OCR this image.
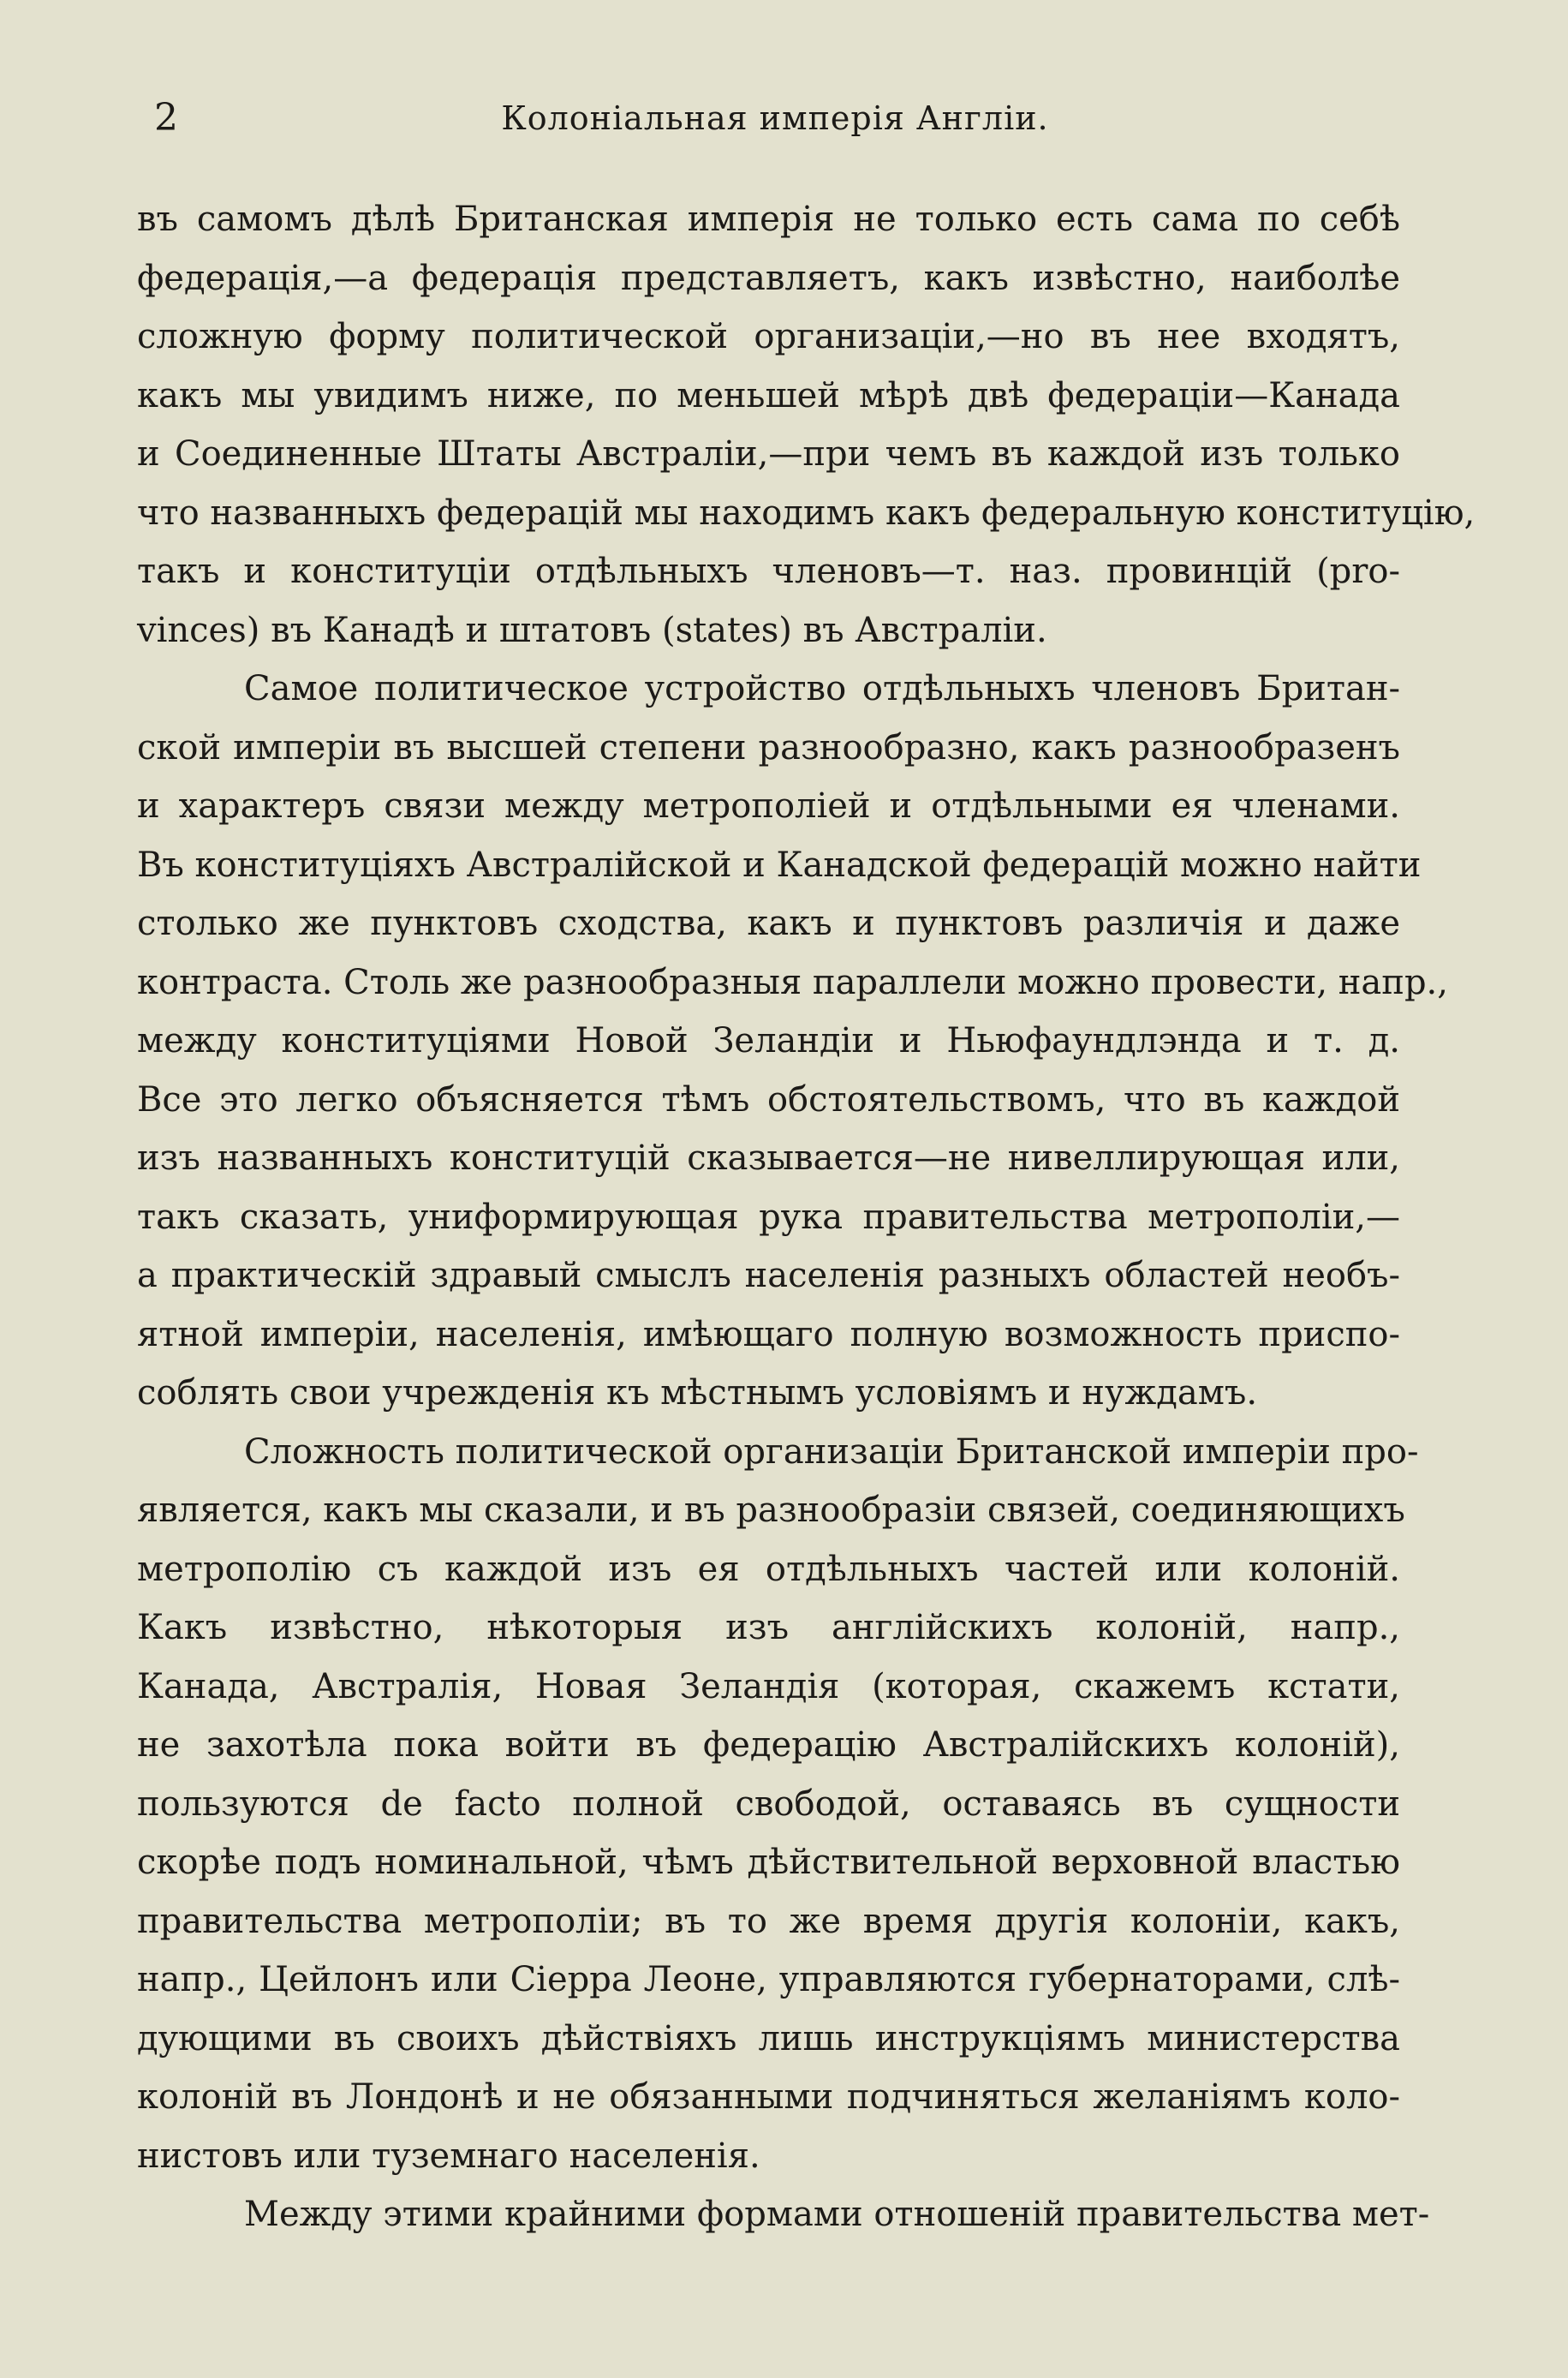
2	Колоніальная имперія Англіи.
въ самомъ дѣлѣ Британская имперія не только есть сама по себѣ
федерація,—а федерація представляетъ, какъ извѣстно, наиболѣе
сложную форму политической организаціи,—но въ нее входятъ,
какъ мы увидимъ ниже, по меньшей мѣрѣ двѣ федераціи—Канада
и Соединенные Штаты Австраліи,—при чемъ въ каждой изъ только
что названныхъ федерацій мы находимъ какъ федеральную конституцію,
такъ и конституціи отдѣльныхъ членовъ—т. наз. провинцій (pro-
vinces) въ Канадѣ и штатовъ (states) въ Австраліи.
Самое политическое устройство отдѣльныхъ членовъ Британ-
ской имперіи въ высшей степени разнообразно, какъ разнообразенъ
и характеръ связи между метрополіей и отдѣльными ея членами.
Въ конституціяхъ Австралійской и Канадской федерацій можно найти
столько же пунктовъ сходства, какъ и пунктовъ различія и даже
контраста. Столь же разнообразныя параллели можно провести, напр.,
между конституціями Новой Зеландіи и Ньюфаундлэнда и т. д.
Все это легко объясняется тѣмъ обстоятельствомъ, что въ каждой
изъ названныхъ конституцій сказывается—не нивеллирующая или,
такъ сказать, униформирующая рука правительства метрополіи,—
а практическій здравый смыслъ населенія разныхъ областей необъ-
ятной имперіи, населенія, имѣющаго полную возможность приспо-
соблять свои учрежденія къ мѣстнымъ условіямъ и нуждамъ.
Сложность политической организаціи Британской имперіи про-
является, какъ мы сказали, и въ разнообразіи связей, соединяющихъ
метрополію съ каждой изъ ея отдѣльныхъ частей или колоній.
Какъ извѣстно, нѣкоторыя изъ англійскихъ колоній, напр.,
Канада, Австралія, Новая Зеландія (которая, скажемъ кстати,
не захотѣла пока войти въ федерацію Австралійскихъ колоній),
пользуются de facto полной свободой, оставаясь въ сущности
скорѣе подъ номинальной, чѣмъ дѣйствительной верховной властью
правительства метрополіи; въ то же время другія колоніи, какъ,
напр., Цейлонъ или Сіерра Леоне, управляются губернаторами, слѣ-
дующими въ своихъ дѣйствіяхъ лишь инструкціямъ министерства
колоній въ Лондонѣ и не обязанными подчиняться желаніямъ коло-
нистовъ или туземнаго населенія.
Между этими крайними формами отношеній правительства мет-
